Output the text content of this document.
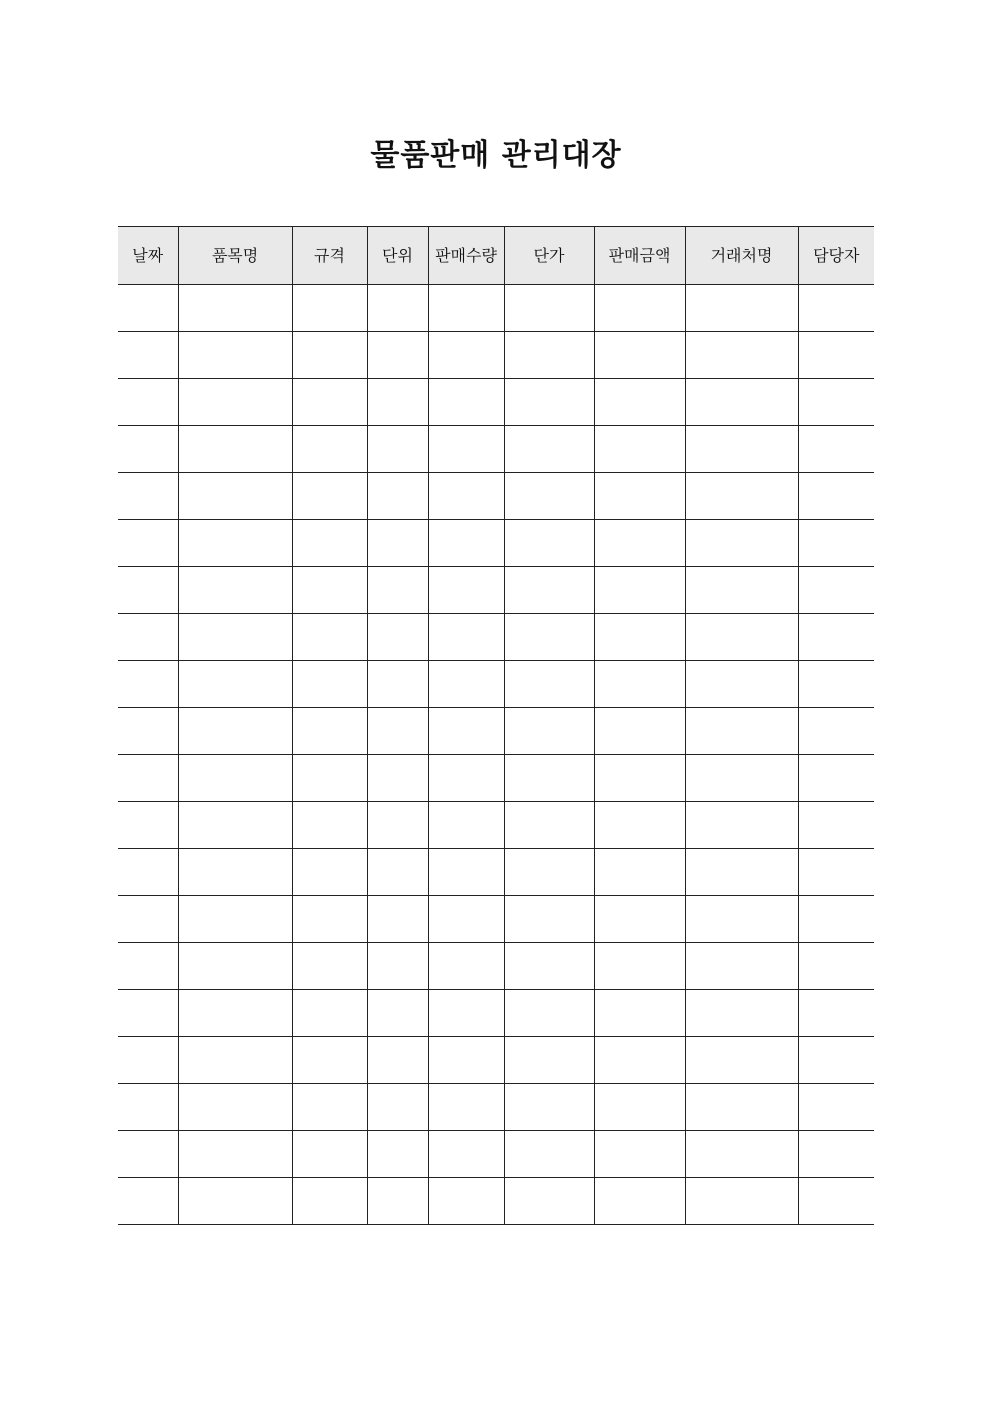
물품판매 관리대장
날짜	품목명	규격	단위	판매수량	단가	판매금액	거래처명	담당자
